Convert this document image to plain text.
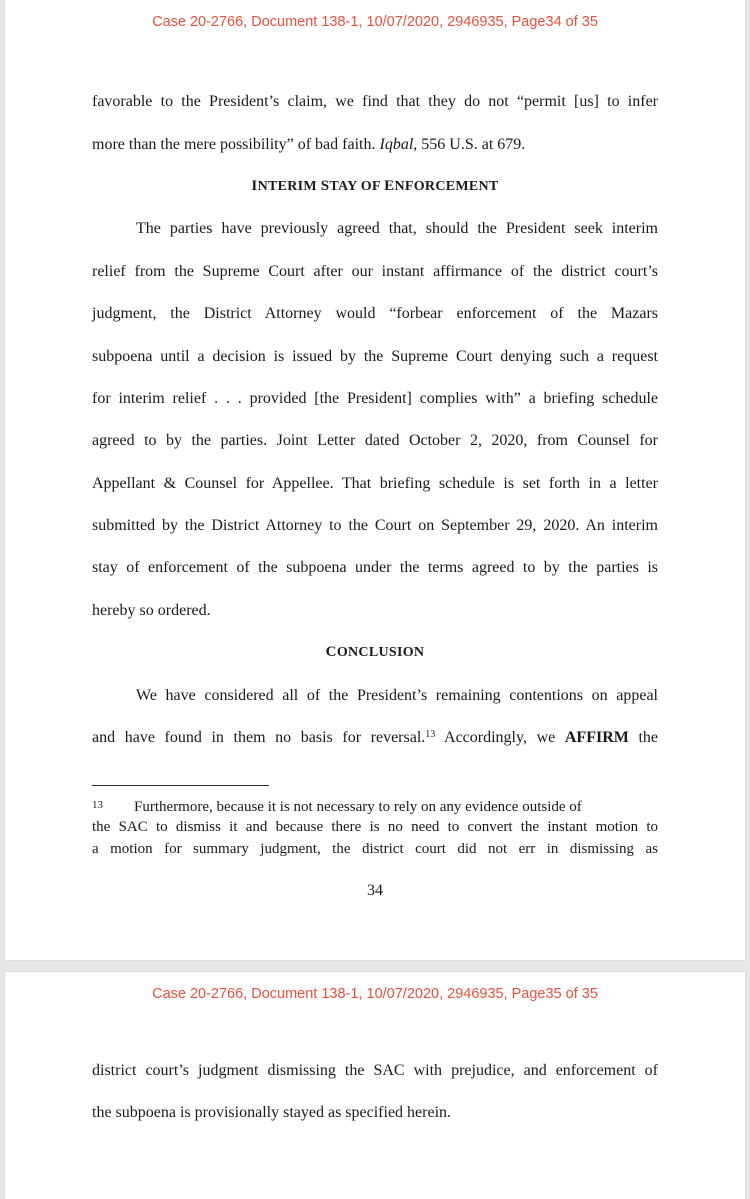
Case 20-2766, Document 138-1, 10/07/2020, 2946935, Page34 of 35
favorable to the President’s claim, we find that they do not “permit [us] to infer
more than the mere possibility” of bad faith. Iqbal, 556 U.S. at 679.
INTERIM STAY OF ENFORCEMENT
The parties have previously agreed that, should the President seek interim
relief from the Supreme Court after our instant affirmance of the district court’s
judgment, the District Attorney would “forbear enforcement of the Mazars
subpoena until a decision is issued by the Supreme Court denying such a request
for interim relief . . . provided [the President] complies with” a briefing schedule
agreed to by the parties. Joint Letter dated October 2, 2020, from Counsel for
Appellant & Counsel for Appellee. That briefing schedule is set forth in a letter
submitted by the District Attorney to the Court on September 29, 2020. An interim
stay of enforcement of the subpoena under the terms agreed to by the parties is
hereby so ordered.
CONCLUSION
We have considered all of the President’s remaining contentions on appeal
and have found in them no basis for reversal.$^{13}$ Accordingly, we AFFIRM the
13 Furthermore, because it is not necessary to rely on any evidence outside of
the SAC to dismiss it and because there is no need to convert the instant motion to
a motion for summary judgment, the district court did not err in dismissing as
34
Case 20-2766, Document 138-1, 10/07/2020, 2946935, Page35 of 35
district court’s judgment dismissing the SAC with prejudice, and enforcement of
the subpoena is provisionally stayed as specified herein.
